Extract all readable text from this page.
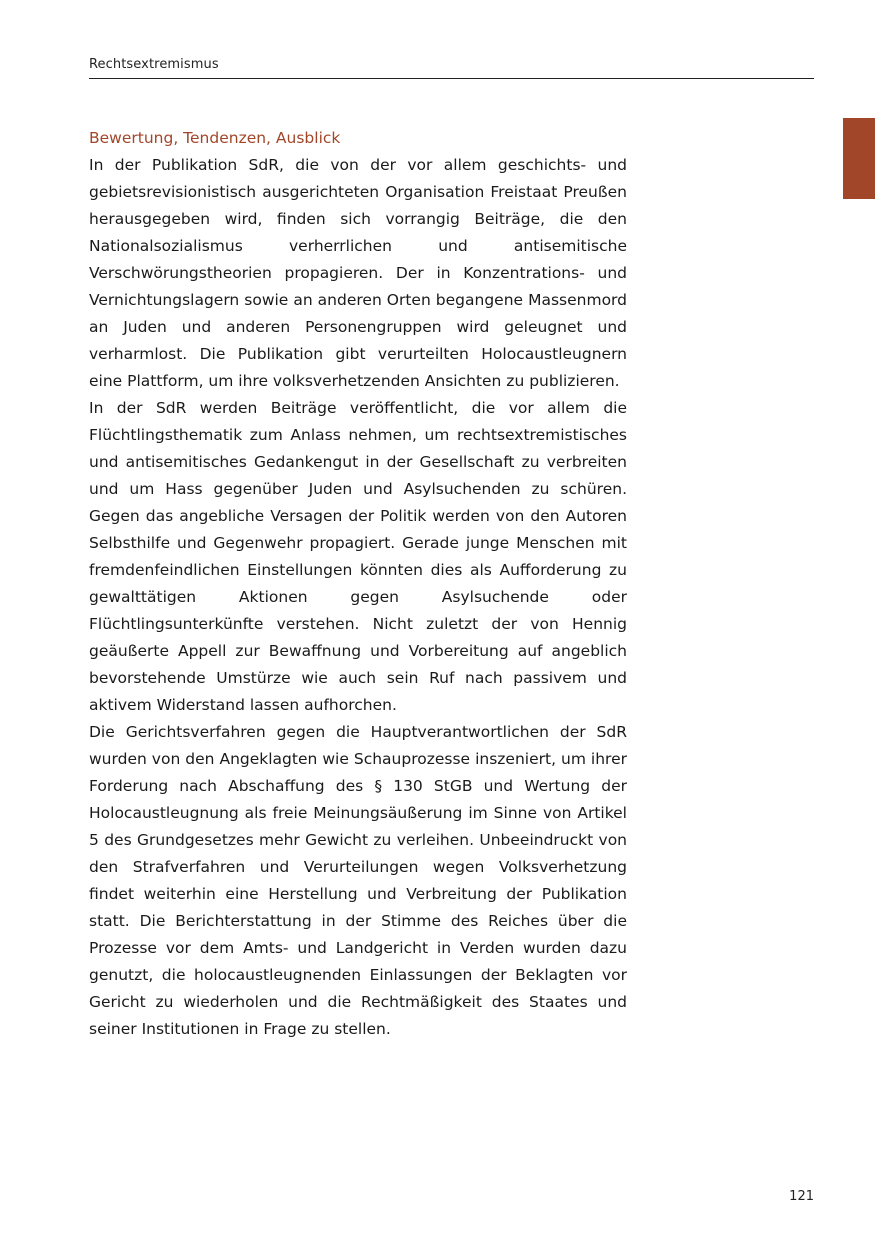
Rechtsextremismus
Bewertung, Tendenzen, Ausblick

In der Publikation SdR, die von der vor allem geschichts- und gebietsrevisionistisch ausgerichteten Organisation Freistaat Preußen herausgegeben wird, finden sich vorrangig Beiträge, die den Nationalsozialismus verherrlichen und antisemitische Verschwörungstheorien propagieren. Der in Konzentrations- und Vernichtungslagern sowie an anderen Orten begangene Massenmord an Juden und anderen Personengruppen wird geleugnet und verharmlost. Die Publikation gibt verurteilten Holocaustleugnern eine Plattform, um ihre volksverhetzenden Ansichten zu publizieren.

In der SdR werden Beiträge veröffentlicht, die vor allem die Flüchtlingsthematik zum Anlass nehmen, um rechtsextremistisches und antisemitisches Gedankengut in der Gesellschaft zu verbreiten und um Hass gegenüber Juden und Asylsuchenden zu schüren. Gegen das angebliche Versagen der Politik werden von den Autoren Selbsthilfe und Gegenwehr propagiert. Gerade junge Menschen mit fremdenfeindlichen Einstellungen könnten dies als Aufforderung zu gewalttätigen Aktionen gegen Asylsuchende oder Flüchtlingsunterkünfte verstehen. Nicht zuletzt der von Hennig geäußerte Appell zur Bewaffnung und Vorbereitung auf angeblich bevorstehende Umstürze wie auch sein Ruf nach passivem und aktivem Widerstand lassen aufhorchen.

Die Gerichtsverfahren gegen die Hauptverantwortlichen der SdR wurden von den Angeklagten wie Schauprozesse inszeniert, um ihrer Forderung nach Abschaffung des § 130 StGB und Wertung der Holocaustleugnung als freie Meinungsäußerung im Sinne von Artikel 5 des Grundgesetzes mehr Gewicht zu verleihen. Unbeeindruckt von den Strafverfahren und Verurteilungen wegen Volksverhetzung findet weiterhin eine Herstellung und Verbreitung der Publikation statt. Die Berichterstattung in der Stimme des Reiches über die Prozesse vor dem Amts- und Landgericht in Verden wurden dazu genutzt, die holocaustleugnenden Einlassungen der Beklagten vor Gericht zu wiederholen und die Rechtmäßigkeit des Staates und seiner Institutionen in Frage zu stellen.

121
